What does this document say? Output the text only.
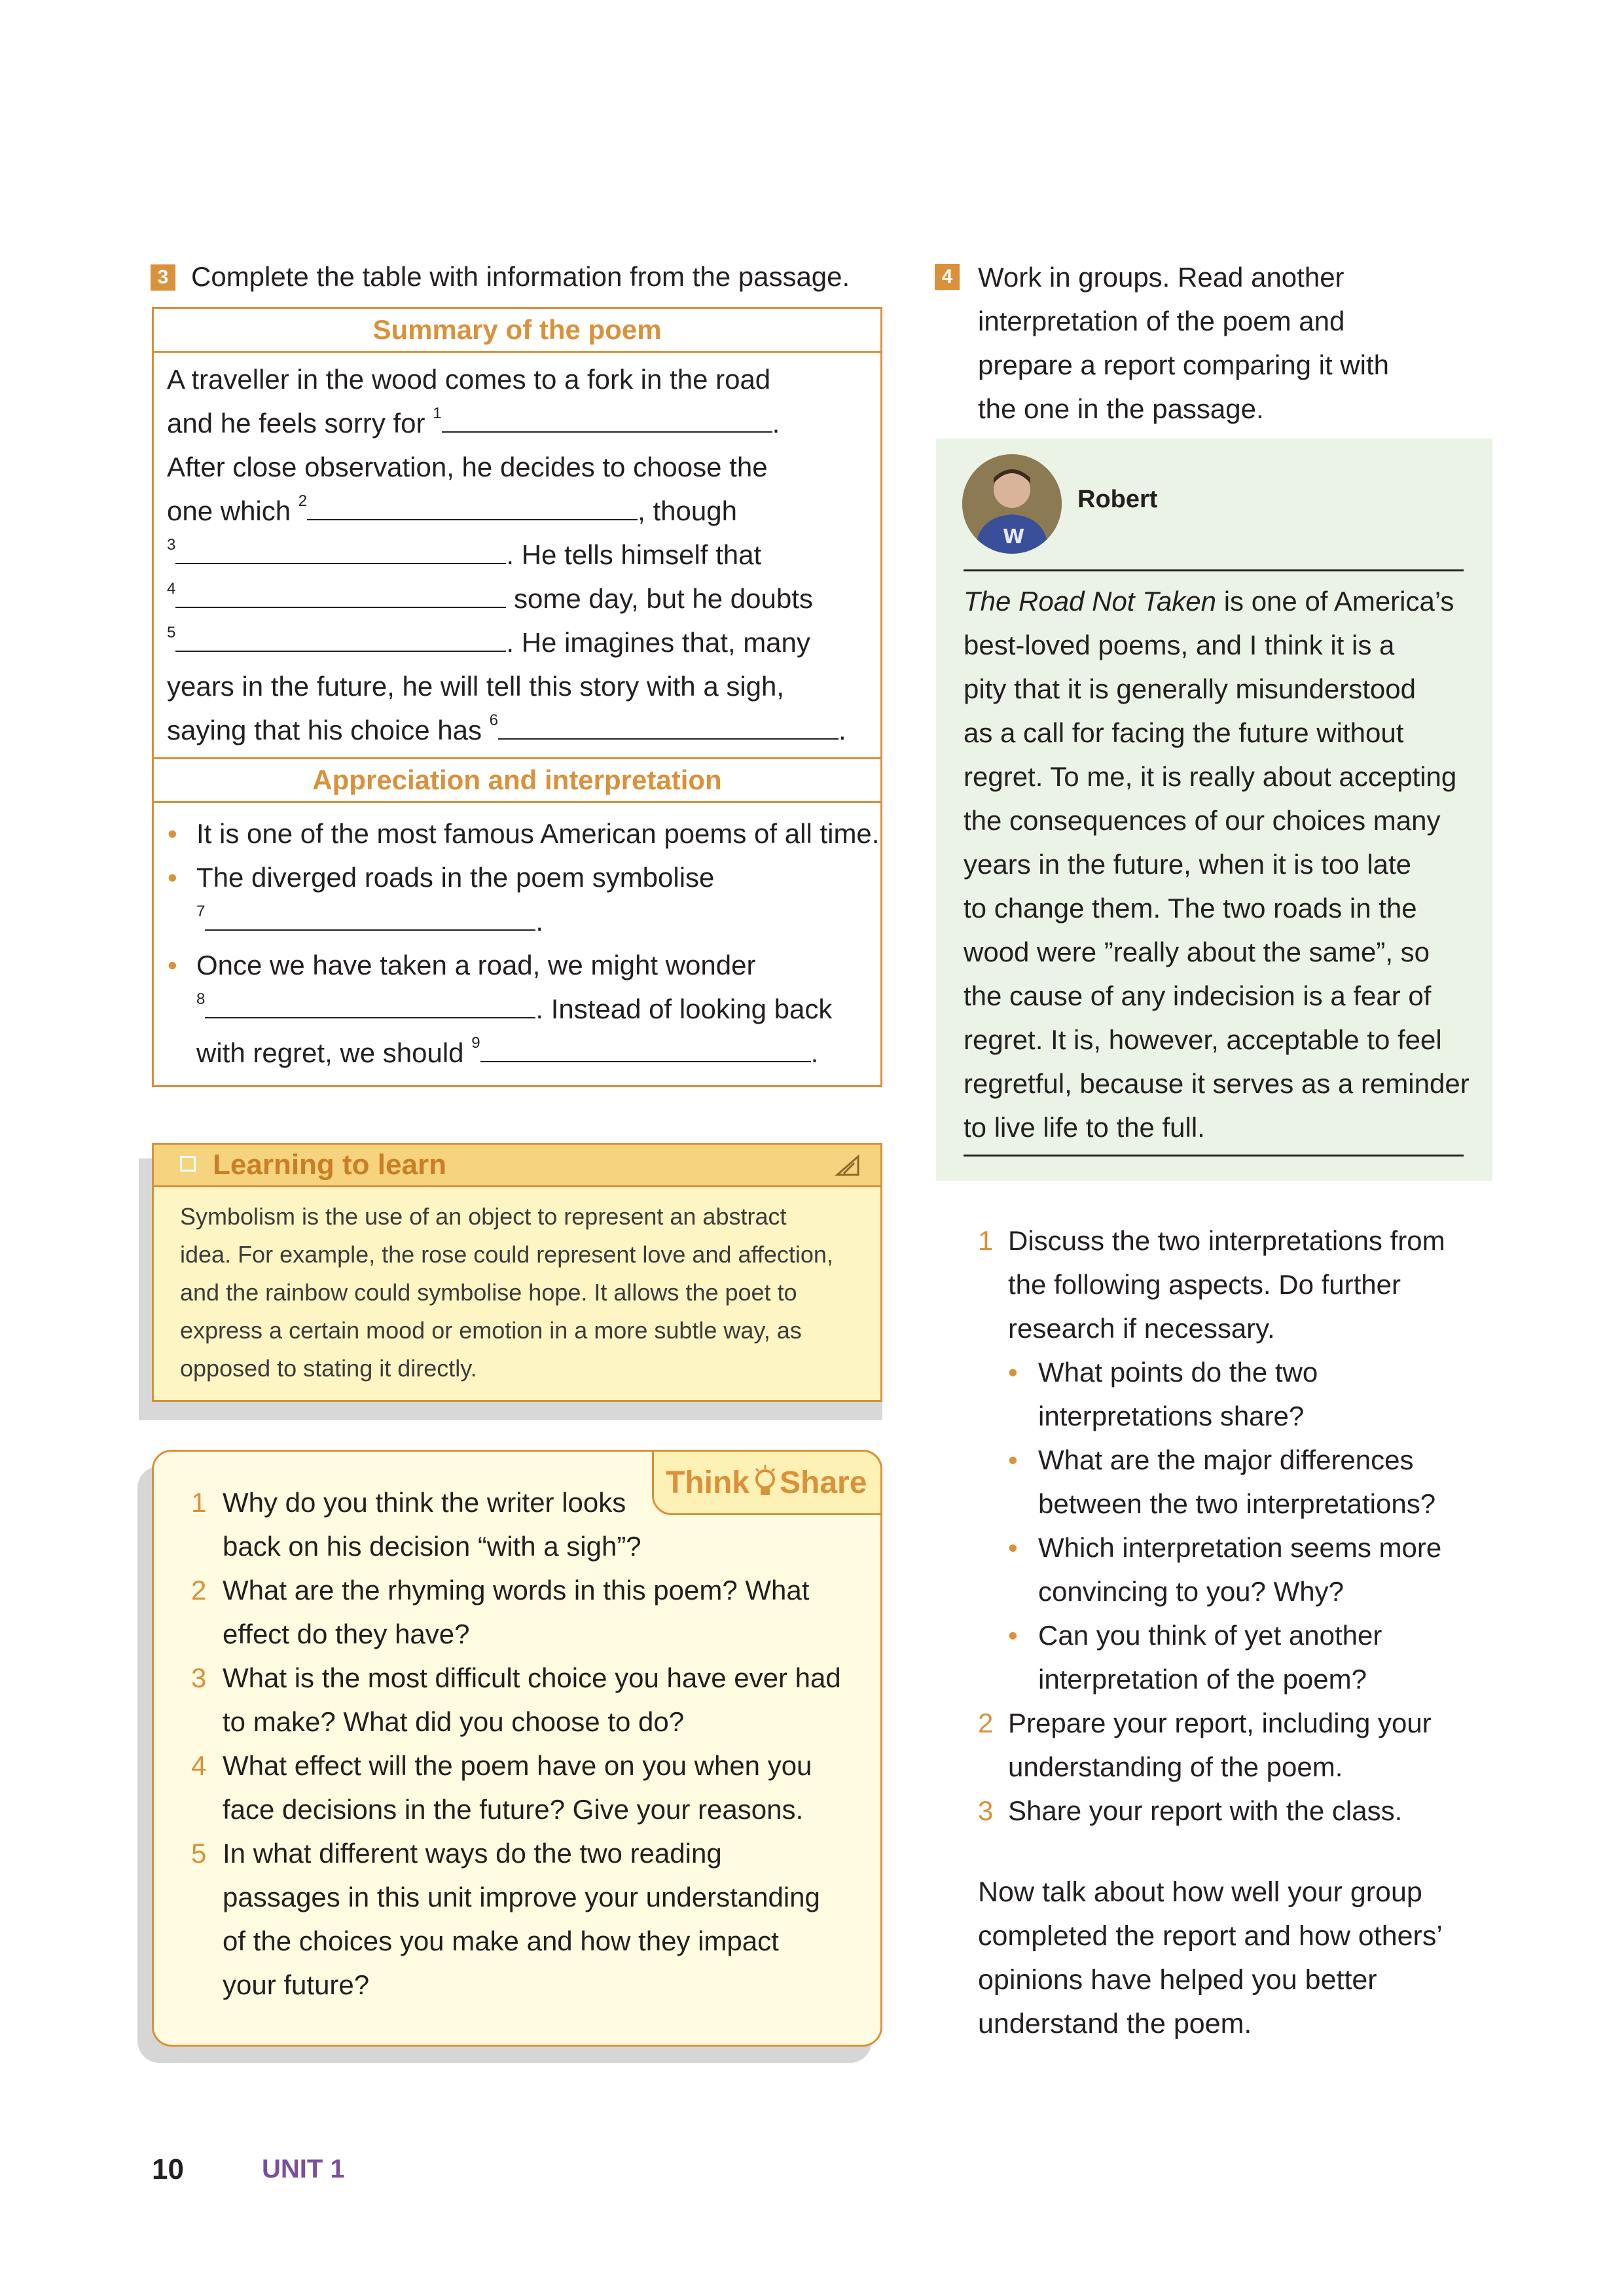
3 Complete the table with information from the passage.
Summary of the poem
A traveller in the wood comes to a fork in the road
and he feels sorry for $^1$	.
After close observation, he decides to choose the
one which $^2$	, though
$^3$	. He tells himself that
$^4$	some day, but he doubts
$^5$	. He imagines that, many
years in the future, he will tell this story with a sigh,
saying that his choice has $^6$	.
Appreciation and interpretation
• It is one of the most famous American poems of all time.
• The diverged roads in the poem symbolise
$^7$	.
• Once we have taken a road, we might wonder
$^8$	. Instead of looking back
with regret, we should $^9$	.
Learning to learn
Symbolism is the use of an object to represent an abstract
idea. For example, the rose could represent love and affection,
and the rainbow could symbolise hope. It allows the poet to
express a certain mood or emotion in a more subtle way, as
opposed to stating it directly.
Think Share
1 Why do you think the writer looks
back on his decision “with a sigh”?
2 What are the rhyming words in this poem? What
effect do they have?
3 What is the most difficult choice you have ever had
to make? What did you choose to do?
4 What effect will the poem have on you when you
face decisions in the future? Give your reasons.
5 In what different ways do the two reading
passages in this unit improve your understanding
of the choices you make and how they impact
your future?
4 Work in groups. Read another
interpretation of the poem and
prepare a report comparing it with
the one in the passage.
W
Robert
The Road Not Taken is one of America’s
best-loved poems, and I think it is a
pity that it is generally misunderstood
as a call for facing the future without
regret. To me, it is really about accepting
the consequences of our choices many
years in the future, when it is too late
to change them. The two roads in the
wood were ”really about the same”, so
the cause of any indecision is a fear of
regret. It is, however, acceptable to feel
regretful, because it serves as a reminder
to live life to the full.
1 Discuss the two interpretations from
the following aspects. Do further
research if necessary.
• What points do the two
interpretations share?
• What are the major differences
between the two interpretations?
• Which interpretation seems more
convincing to you? Why?
• Can you think of yet another
interpretation of the poem?
2 Prepare your report, including your
understanding of the poem.
3 Share your report with the class.
Now talk about how well your group
completed the report and how others’
opinions have helped you better
understand the poem.
10	UNIT 1
